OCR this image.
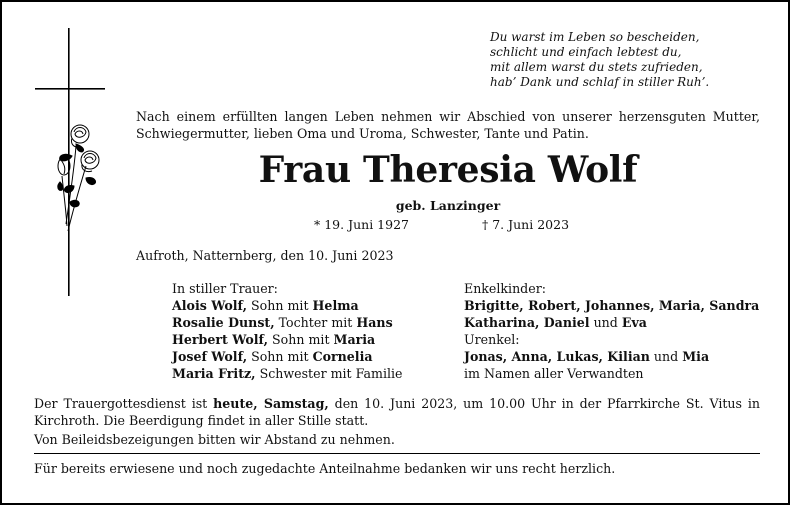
Du warst im Leben so bescheiden,
schlicht und einfach lebtest du,
mit allem warst du stets zufrieden,
hab’ Dank und schlaf in stiller Ruh’.

Nach einem erfüllten langen Leben nehmen wir Abschied von unserer herzensguten Mutter, Schwiegermutter, lieben Oma und Uroma, Schwester, Tante und Patin.

Frau Theresia Wolf
geb. Lanzinger
* 19. Juni 1927	† 7. Juni 2023
Aufroth, Natternberg, den 10. Juni 2023
In stiller Trauer:
Alois Wolf, Sohn mit Helma
Rosalie Dunst, Tochter mit Hans
Herbert Wolf, Sohn mit Maria
Josef Wolf, Sohn mit Cornelia
Maria Fritz, Schwester mit Familie
Enkelkinder:
Brigitte, Robert, Johannes, Maria, Sandra
Katharina, Daniel und Eva
Urenkel:
Jonas, Anna, Lukas, Kilian und Mia
im Namen aller Verwandten

Der Trauergottesdienst ist heute, Samstag, den 10. Juni 2023, um 10.00 Uhr in der Pfarrkirche St. Vitus in Kirchroth. Die Beerdigung findet in aller Stille statt.

Von Beileidsbezeigungen bitten wir Abstand zu nehmen.
Für bereits erwiesene und noch zugedachte Anteilnahme bedanken wir uns recht herzlich.
